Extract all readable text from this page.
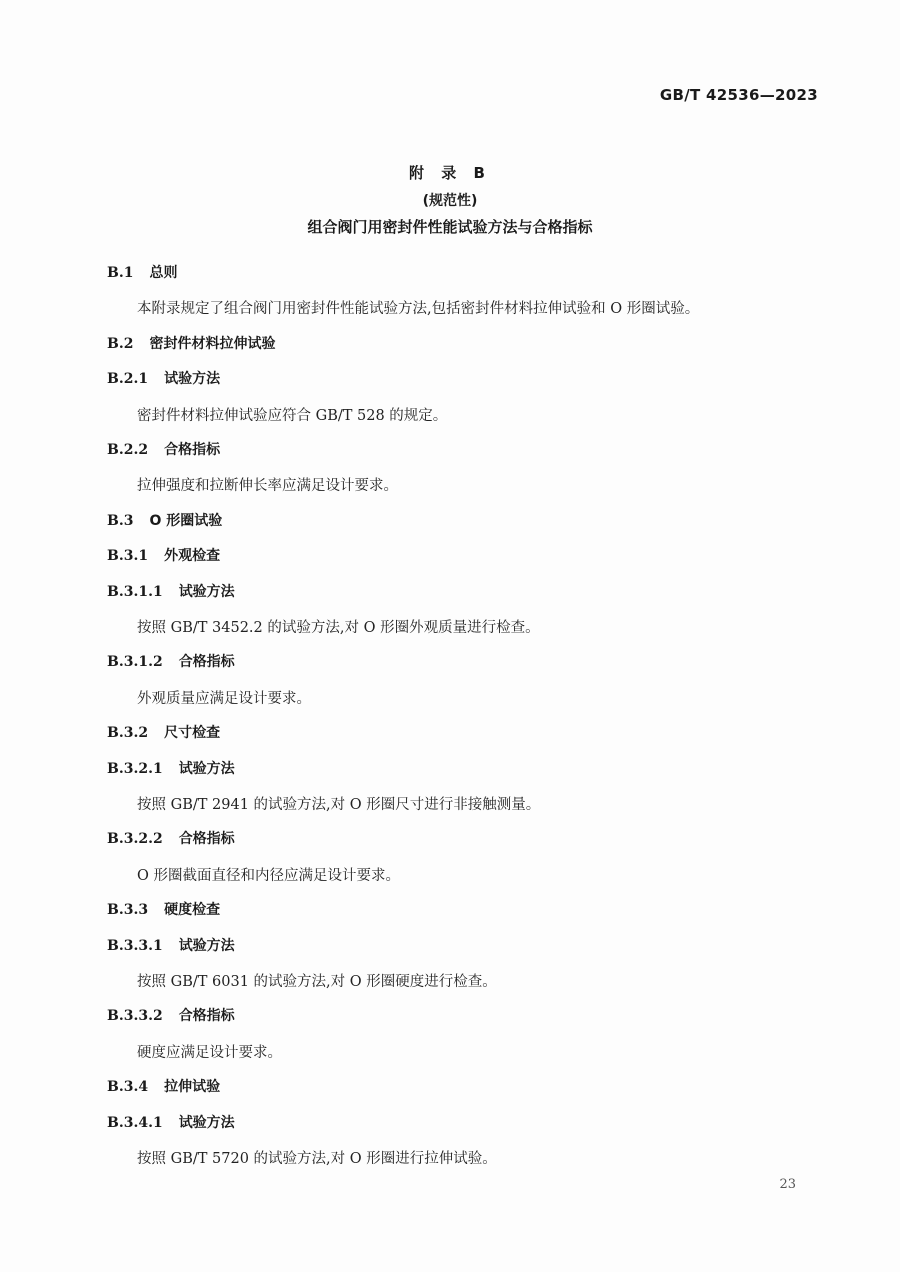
GB/T 42536—2023
附 录 B
(规范性)
组合阀门用密封件性能试验方法与合格指标
B.1 总则
本附录规定了组合阀门用密封件性能试验方法,包括密封件材料拉伸试验和 O 形圈试验。
B.2 密封件材料拉伸试验
B.2.1 试验方法
密封件材料拉伸试验应符合 GB/T 528 的规定。
B.2.2 合格指标
拉伸强度和拉断伸长率应满足设计要求。
B.3 O 形圈试验
B.3.1 外观检查
B.3.1.1 试验方法
按照 GB/T 3452.2 的试验方法,对 O 形圈外观质量进行检查。
B.3.1.2 合格指标
外观质量应满足设计要求。
B.3.2 尺寸检查
B.3.2.1 试验方法
按照 GB/T 2941 的试验方法,对 O 形圈尺寸进行非接触测量。
B.3.2.2 合格指标
O 形圈截面直径和内径应满足设计要求。
B.3.3 硬度检查
B.3.3.1 试验方法
按照 GB/T 6031 的试验方法,对 O 形圈硬度进行检查。
B.3.3.2 合格指标
硬度应满足设计要求。
B.3.4 拉伸试验
B.3.4.1 试验方法
按照 GB/T 5720 的试验方法,对 O 形圈进行拉伸试验。
23
